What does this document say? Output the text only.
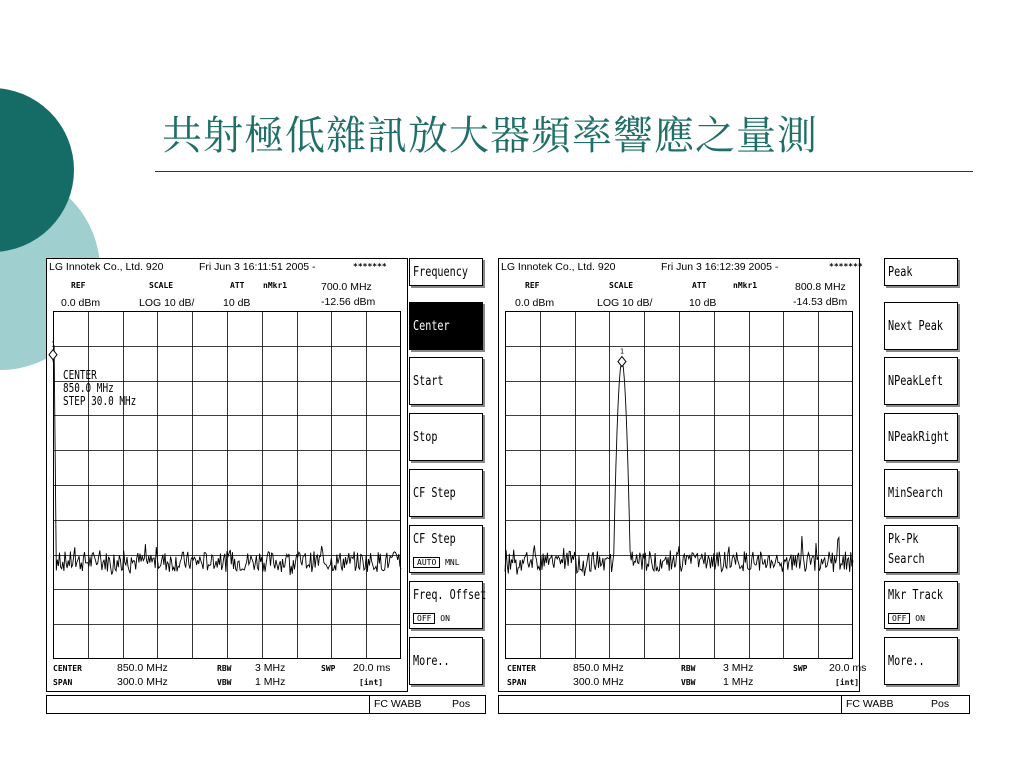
共射極低雜訊放大器頻率響應之量測
LG Innotek Co., Ltd. 920	Fri Jun 3 16:11:51 2005 -	*******
REF	SCALE	ATT nMkr1	700.0 MHz
0.0 dBm	LOG 10 dB/	10 dB	-12.56 dBm
1
CENTER
850.0 MHz
STEP 30.0 MHz
CENTER	850.0 MHz	RBW 3 MHz	SWP 20.0 ms
SPAN	300.0 MHz	VBW 1 MHz	[int]
Frequency
Center
Start
Stop
CF Step
CF Step
AUTO MNL
Freq. Offset
OFF ON
More..
FC WABB	Pos
LG Innotek Co., Ltd. 920	Fri Jun 3 16:12:39 2005 -	*******
REF	SCALE	ATT	nMkr1	800.8 MHz
0.0 dBm	LOG 10 dB/	10 dB	-14.53 dBm
1
CENTER	850.0 MHz	RBW	3 MHz	SWP 20.0 ms
SPAN	300.0 MHz	VBW	1 MHz	[int]
Peak
Next Peak
NPeakLeft
NPeakRight
MinSearch
Pk-Pk
Search
Mkr Track
OFF ON
More..
FC WABB	Pos
